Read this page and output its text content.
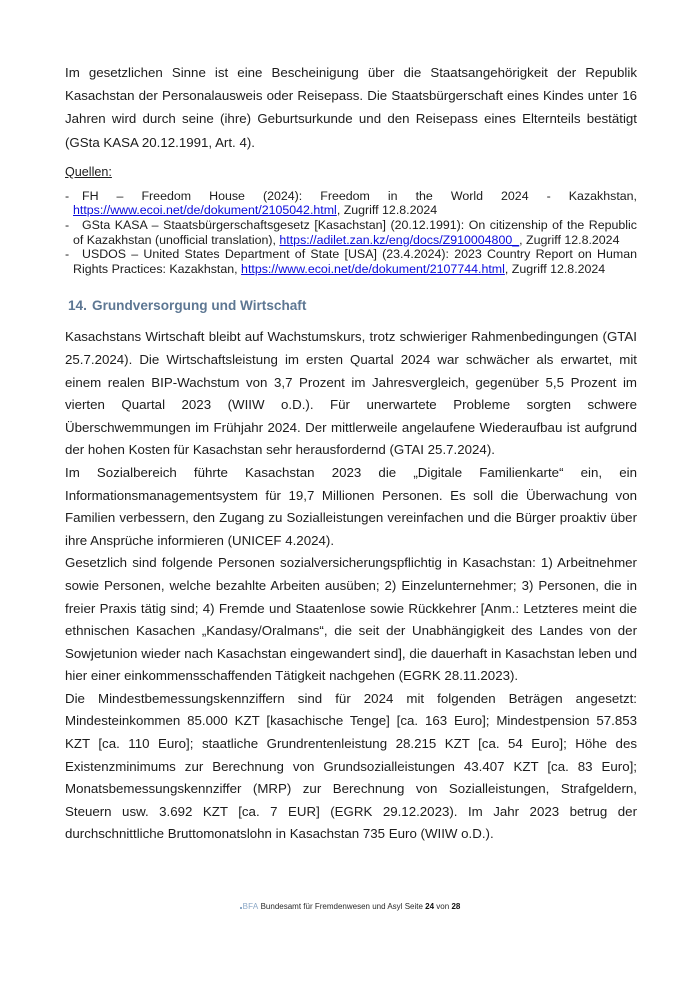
Im gesetzlichen Sinne ist eine Bescheinigung über die Staatsangehörigkeit der Republik Kasachstan der Personalausweis oder Reisepass. Die Staatsbürgerschaft eines Kindes unter 16 Jahren wird durch seine (ihre) Geburtsurkunde und den Reisepass eines Elternteils bestätigt (GSta KASA 20.12.1991, Art. 4).

Quellen:
- FH – Freedom House (2024): Freedom in the World 2024 - Kazakhstan, https://www.ecoi.net/de/dokument/2105042.html, Zugriff 12.8.2024
- GSta KASA – Staatsbürgerschaftsgesetz [Kasachstan] (20.12.1991): On citizenship of the Republic of Kazakhstan (unofficial translation), https://adilet.zan.kz/eng/docs/Z910004800_, Zugriff 12.8.2024
- USDOS – United States Department of State [USA] (23.4.2024): 2023 Country Report on Human Rights Practices: Kazakhstan, https://www.ecoi.net/de/dokument/2107744.html, Zugriff 12.8.2024
14. Grundversorgung und Wirtschaft

Kasachstans Wirtschaft bleibt auf Wachstumskurs, trotz schwieriger Rahmenbedingungen (GTAI 25.7.2024). Die Wirtschaftsleistung im ersten Quartal 2024 war schwächer als erwartet, mit einem realen BIP-Wachstum von 3,7 Prozent im Jahresvergleich, gegenüber 5,5 Prozent im vierten Quartal 2023 (WIIW o.D.). Für unerwartete Probleme sorgten schwere Überschwemmungen im Frühjahr 2024. Der mittlerweile angelaufene Wiederaufbau ist aufgrund der hohen Kosten für Kasachstan sehr herausfordernd (GTAI 25.7.2024).

Im Sozialbereich führte Kasachstan 2023 die „Digitale Familienkarte“ ein, ein Informationsmanagementsystem für 19,7 Millionen Personen. Es soll die Überwachung von Familien verbessern, den Zugang zu Sozialleistungen vereinfachen und die Bürger proaktiv über ihre Ansprüche informieren (UNICEF 4.2024).

Gesetzlich sind folgende Personen sozialversicherungspflichtig in Kasachstan: 1) Arbeitnehmer sowie Personen, welche bezahlte Arbeiten ausüben; 2) Einzelunternehmer; 3) Personen, die in freier Praxis tätig sind; 4) Fremde und Staatenlose sowie Rückkehrer [Anm.: Letzteres meint die ethnischen Kasachen „Kandasy/Oralmans“, die seit der Unabhängigkeit des Landes von der Sowjetunion wieder nach Kasachstan eingewandert sind], die dauerhaft in Kasachstan leben und hier einer einkommensschaffenden Tätigkeit nachgehen (EGRK 28.11.2023).

Die Mindestbemessungskennziffern sind für 2024 mit folgenden Beträgen angesetzt: Mindesteinkommen 85.000 KZT [kasachische Tenge] [ca. 163 Euro]; Mindestpension 57.853 KZT [ca. 110 Euro]; staatliche Grundrentenleistung 28.215 KZT [ca. 54 Euro]; Höhe des Existenzminimums zur Berechnung von Grundsozialleistungen 43.407 KZT [ca. 83 Euro]; Monatsbemessungskennziffer (MRP) zur Berechnung von Sozialleistungen, Strafgeldern, Steuern usw. 3.692 KZT [ca. 7 EUR] (EGRK 29.12.2023). Im Jahr 2023 betrug der durchschnittliche Bruttomonatslohn in Kasachstan 735 Euro (WIIW o.D.).

BFA Bundesamt für Fremdenwesen und Asyl Seite 24 von 28
